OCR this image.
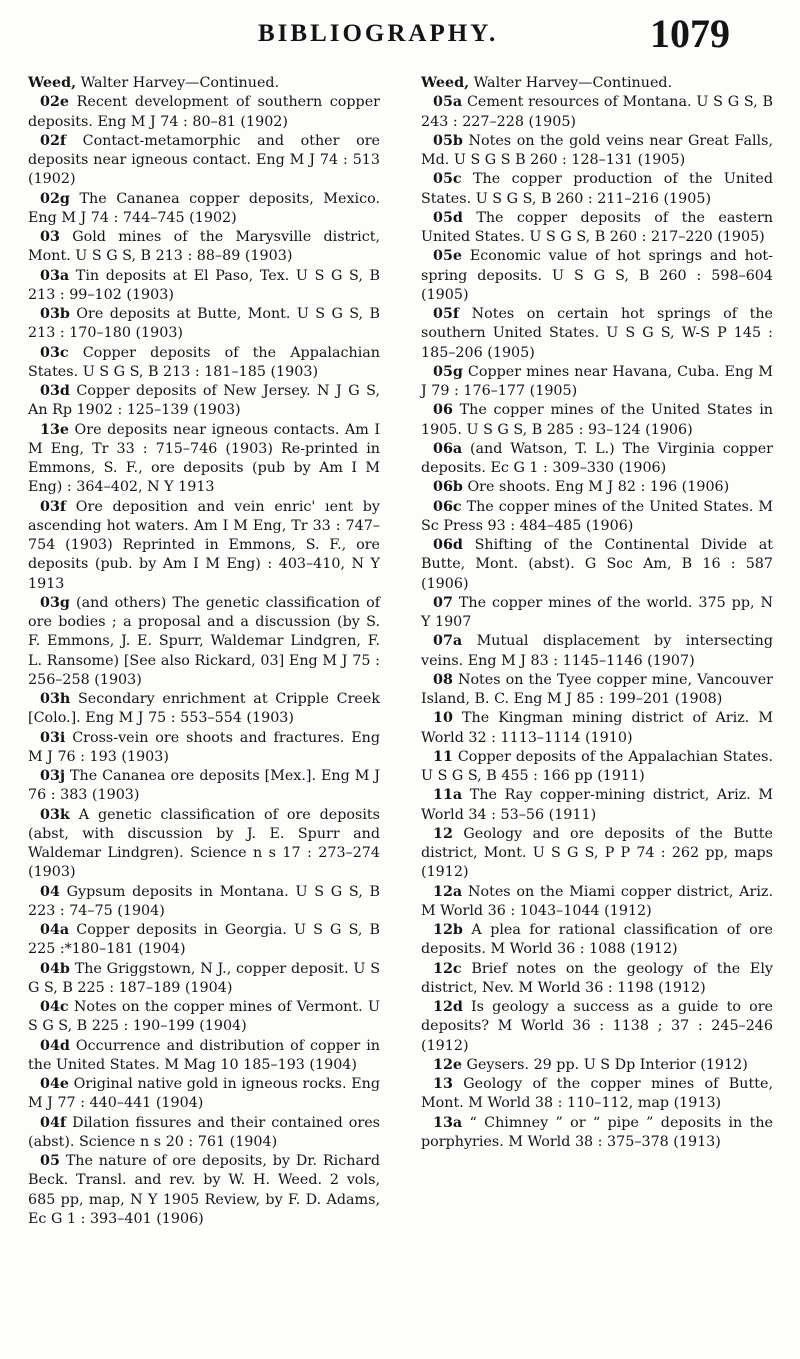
BIBLIOGRAPHY.	1079

Weed, Walter Harvey—Continued.

02e Recent development of southern copper deposits. Eng M J 74 : 80–81 (1902)

02f Contact-metamorphic and other ore deposits near igneous contact. Eng M J 74 : 513 (1902)

02g The Cananea copper deposits, Mexico. Eng M J 74 : 744–745 (1902)

03 Gold mines of the Marysville district, Mont. U S G S, B 213 : 88–89 (1903)

03a Tin deposits at El Paso, Tex. U S G S, B 213 : 99–102 (1903)

03b Ore deposits at Butte, Mont. U S G S, B 213 : 170–180 (1903)

03c Copper deposits of the Appalachian States. U S G S, B 213 : 181–185 (1903)

03d Copper deposits of New Jersey. N J G S, An Rp 1902 : 125–139 (1903)

13e Ore deposits near igneous contacts. Am I M Eng, Tr 33 : 715–746 (1903) Re-printed in Emmons, S. F., ore deposits (pub by Am I M Eng) : 364–402, N Y 1913

03f Ore deposition and vein enric' ıent by ascending hot waters. Am I M Eng, Tr 33 : 747–754 (1903) Reprinted in Emmons, S. F., ore deposits (pub. by Am I M Eng) : 403–410, N Y 1913

03g (and others) The genetic classification of ore bodies ; a proposal and a discussion (by S. F. Emmons, J. E. Spurr, Waldemar Lindgren, F. L. Ransome) [See also Rickard, 03] Eng M J 75 : 256–258 (1903)

03h Secondary enrichment at Cripple Creek [Colo.]. Eng M J 75 : 553–554 (1903)

03i Cross-vein ore shoots and fractures. Eng M J 76 : 193 (1903)

03j The Cananea ore deposits [Mex.]. Eng M J 76 : 383 (1903)

03k A genetic classification of ore deposits (abst, with discussion by J. E. Spurr and Waldemar Lindgren). Science n s 17 : 273–274 (1903)

04 Gypsum deposits in Montana. U S G S, B 223 : 74–75 (1904)

04a Copper deposits in Georgia. U S G S, B 225 :*180–181 (1904)

04b The Griggstown, N J., copper deposit. U S G S, B 225 : 187–189 (1904)

04c Notes on the copper mines of Vermont. U S G S, B 225 : 190–199 (1904)

04d Occurrence and distribution of copper in the United States. M Mag 10 185–193 (1904)

04e Original native gold in igneous rocks. Eng M J 77 : 440–441 (1904)

04f Dilation fissures and their contained ores (abst). Science n s 20 : 761 (1904)

05 The nature of ore deposits, by Dr. Richard Beck. Transl. and rev. by W. H. Weed. 2 vols, 685 pp, map, N Y 1905 Review, by F. D. Adams, Ec G 1 : 393–401 (1906)

Weed, Walter Harvey—Continued.

05a Cement resources of Montana. U S G S, B 243 : 227–228 (1905)

05b Notes on the gold veins near Great Falls, Md. U S G S B 260 : 128–131 (1905)

05c The copper production of the United States. U S G S, B 260 : 211–216 (1905)

05d The copper deposits of the eastern United States. U S G S, B 260 : 217–220 (1905)

05e Economic value of hot springs and hot-spring deposits. U S G S, B 260 : 598–604 (1905)

05f Notes on certain hot springs of the southern United States. U S G S, W-S P 145 : 185–206 (1905)

05g Copper mines near Havana, Cuba. Eng M J 79 : 176–177 (1905)

06 The copper mines of the United States in 1905. U S G S, B 285 : 93–124 (1906)

06a (and Watson, T. L.) The Virginia copper deposits. Ec G 1 : 309–330 (1906)

06b Ore shoots. Eng M J 82 : 196 (1906)

06c The copper mines of the United States. M Sc Press 93 : 484–485 (1906)

06d Shifting of the Continental Divide at Butte, Mont. (abst). G Soc Am, B 16 : 587 (1906)

07 The copper mines of the world. 375 pp, N Y 1907

07a Mutual displacement by intersecting veins. Eng M J 83 : 1145–1146 (1907)

08 Notes on the Tyee copper mine, Vancouver Island, B. C. Eng M J 85 : 199–201 (1908)

10 The Kingman mining district of Ariz. M World 32 : 1113–1114 (1910)

11 Copper deposits of the Appalachian States. U S G S, B 455 : 166 pp (1911)

11a The Ray copper-mining district, Ariz. M World 34 : 53–56 (1911)

12 Geology and ore deposits of the Butte district, Mont. U S G S, P P 74 : 262 pp, maps (1912)

12a Notes on the Miami copper district, Ariz. M World 36 : 1043–1044 (1912)

12b A plea for rational classification of ore deposits. M World 36 : 1088 (1912)

12c Brief notes on the geology of the Ely district, Nev. M World 36 : 1198 (1912)

12d Is geology a success as a guide to ore deposits? M World 36 : 1138 ; 37 : 245–246 (1912)

12e Geysers. 29 pp. U S Dp Interior (1912)

13 Geology of the copper mines of Butte, Mont. M World 38 : 110–112, map (1913)

13a “ Chimney ” or “ pipe ” deposits in the porphyries. M World 38 : 375–378 (1913)
